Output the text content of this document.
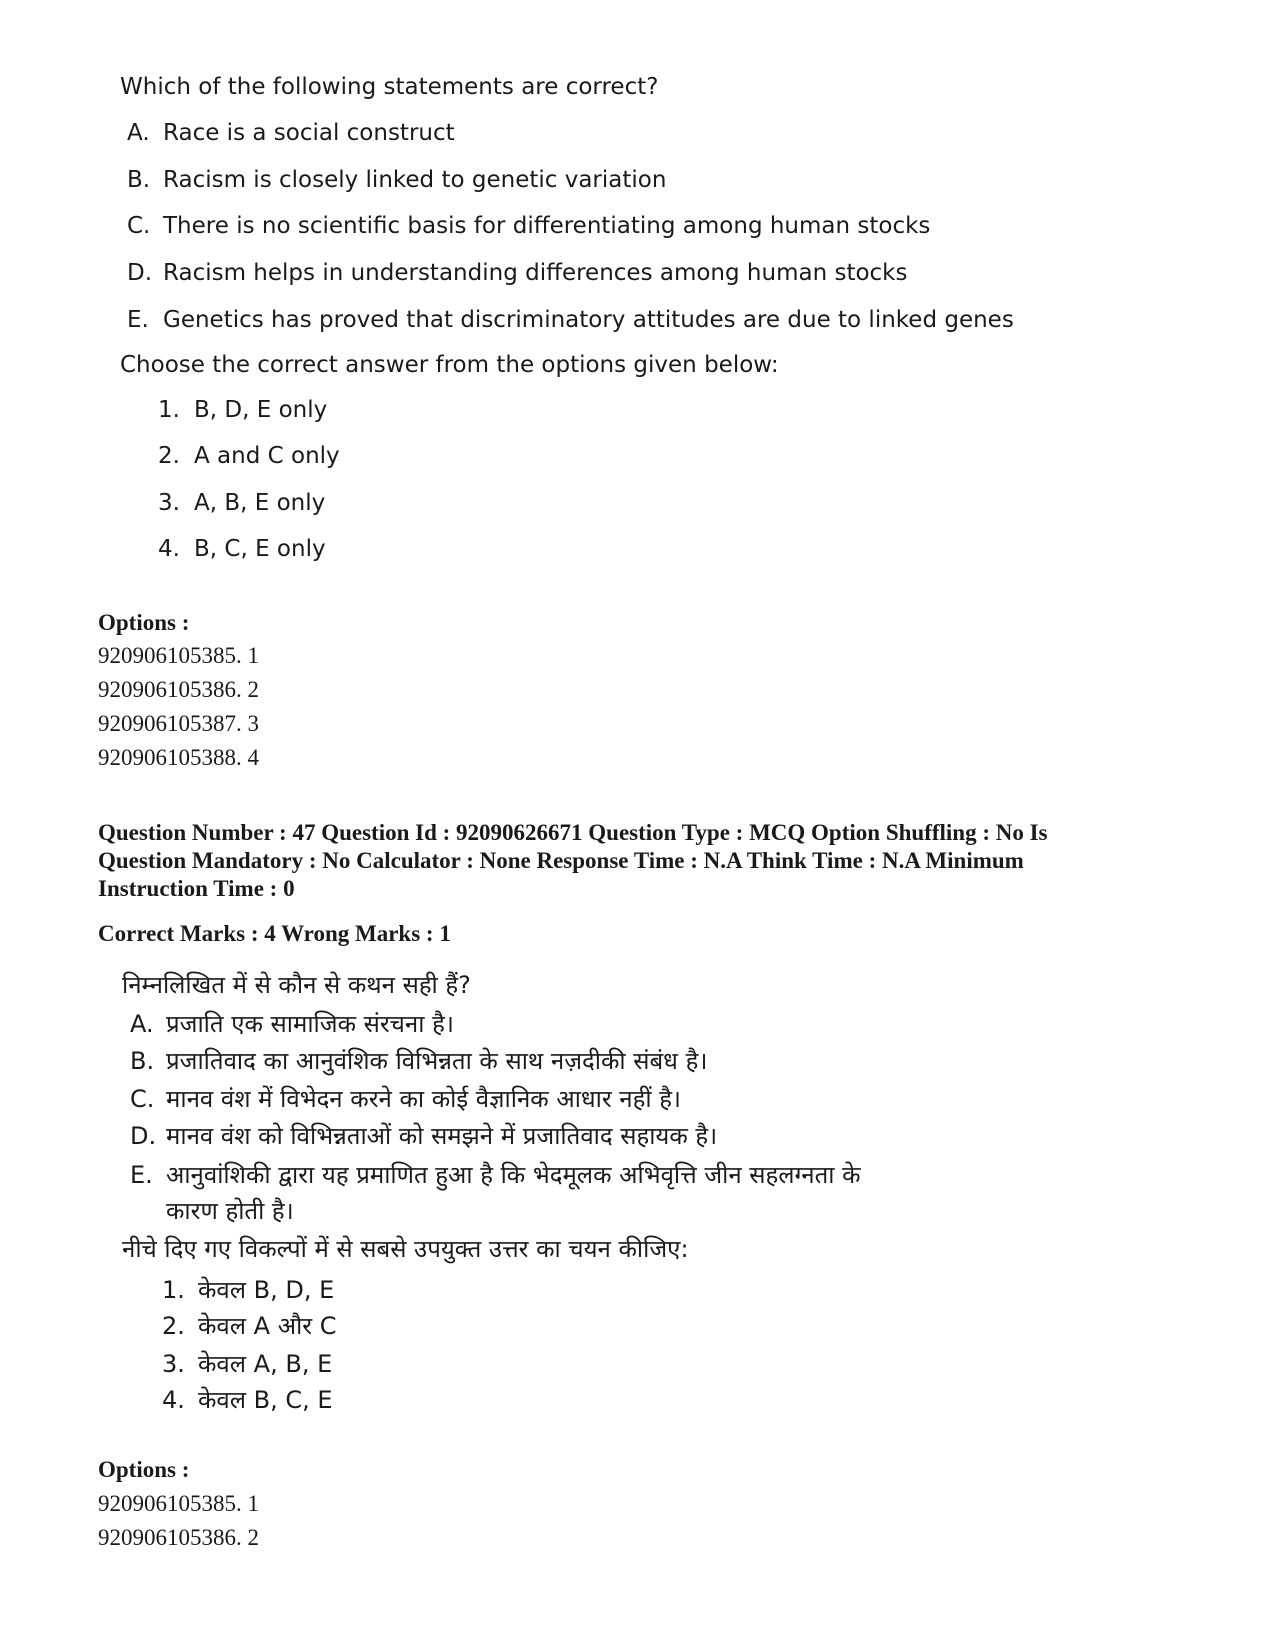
Which of the following statements are correct?
A. Race is a social construct
B. Racism is closely linked to genetic variation
C. There is no scientific basis for differentiating among human stocks
D. Racism helps in understanding differences among human stocks
E. Genetics has proved that discriminatory attitudes are due to linked genes
Choose the correct answer from the options given below:
1. B, D, E only
2. A and C only
3. A, B, E only
4. B, C, E only
Options :
920906105385. 1
920906105386. 2
920906105387. 3
920906105388. 4
Question Number : 47 Question Id : 92090626671 Question Type : MCQ Option Shuffling : No Is
Question Mandatory : No Calculator : None Response Time : N.A Think Time : N.A Minimum
Instruction Time : 0
Correct Marks : 4 Wrong Marks : 1
निम्नलिखित में से कौन से कथन सही हैं?
A. प्रजाति एक सामाजिक संरचना है।
B. प्रजातिवाद का आनुवंशिक विभिन्नता के साथ नज़दीकी संबंध है।
C. मानव वंश में विभेदन करने का कोई वैज्ञानिक आधार नहीं है।
D. मानव वंश को विभिन्नताओं को समझने में प्रजातिवाद सहायक है।
E. आनुवांशिकी द्वारा यह प्रमाणित हुआ है कि भेदमूलक अभिवृत्ति जीन सहलग्नता के कारण होती है।
नीचे दिए गए विकल्पों में से सबसे उपयुक्त उत्तर का चयन कीजिए:
1. केवल B, D, E
2. केवल A और C
3. केवल A, B, E
4. केवल B, C, E
Options :
920906105385. 1
920906105386. 2
